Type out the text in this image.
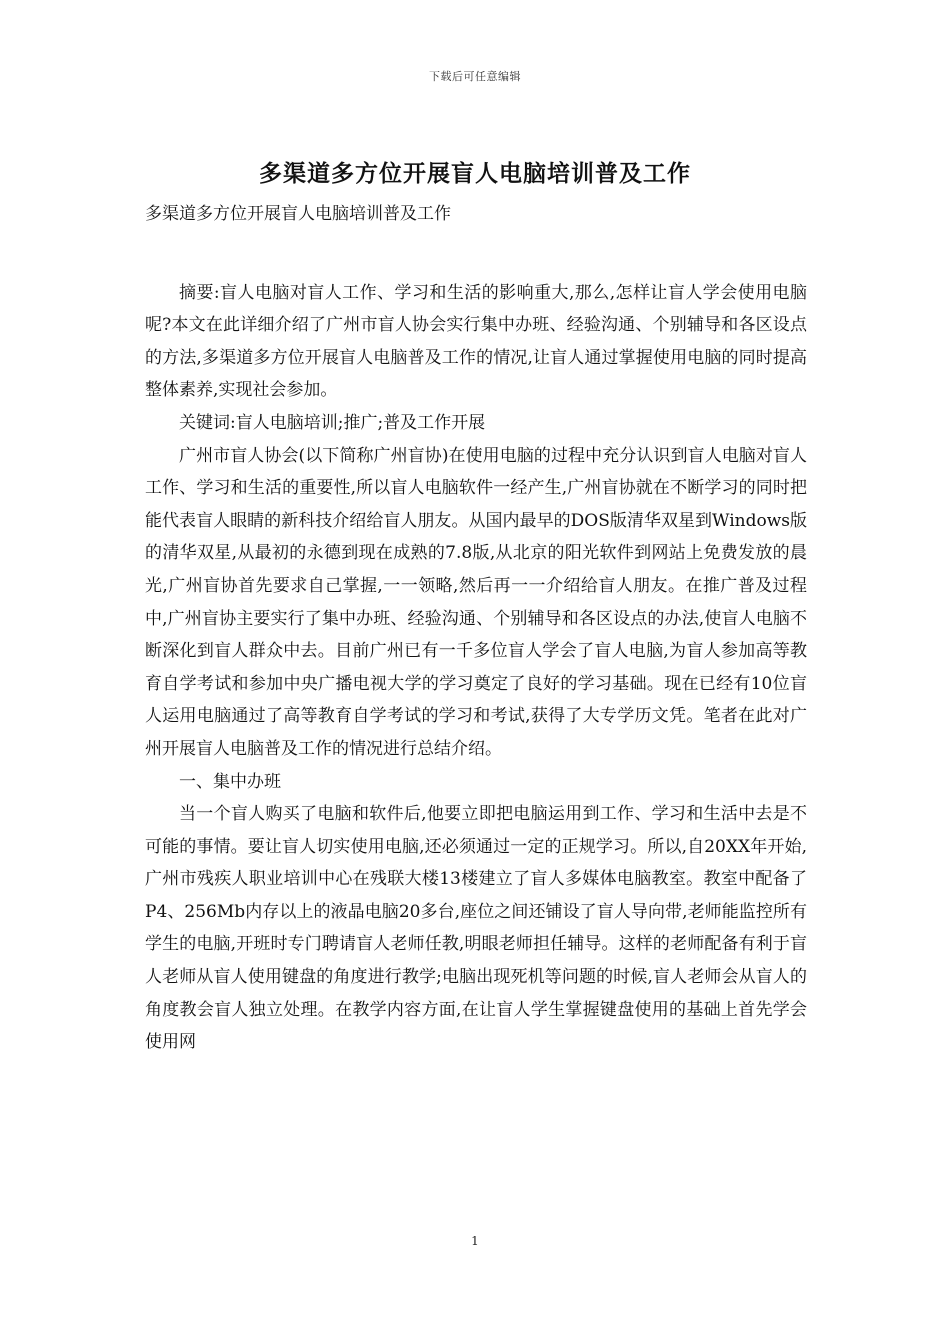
下载后可任意编辑
多渠道多方位开展盲人电脑培训普及工作

多渠道多方位开展盲人电脑培训普及工作

摘要:盲人电脑对盲人工作、学习和生活的影响重大,那么,怎样让盲人学会使用电脑呢?本文在此详细介绍了广州市盲人协会实行集中办班、经验沟通、个别辅导和各区设点的方法,多渠道多方位开展盲人电脑普及工作的情况,让盲人通过掌握使用电脑的同时提高整体素养,实现社会参加。

关键词:盲人电脑培训;推广;普及工作开展

广州市盲人协会(以下简称广州盲协)在使用电脑的过程中充分认识到盲人电脑对盲人工作、学习和生活的重要性,所以盲人电脑软件一经产生,广州盲协就在不断学习的同时把能代表盲人眼睛的新科技介绍给盲人朋友。从国内最早的DOS版清华双星到Windows版的清华双星,从最初的永德到现在成熟的7.8版,从北京的阳光软件到网站上免费发放的晨光,广州盲协首先要求自己掌握,一一领略,然后再一一介绍给盲人朋友。在推广普及过程中,广州盲协主要实行了集中办班、经验沟通、个别辅导和各区设点的办法,使盲人电脑不断深化到盲人群众中去。目前广州已有一千多位盲人学会了盲人电脑,为盲人参加高等教育自学考试和参加中央广播电视大学的学习奠定了良好的学习基础。现在已经有10位盲人运用电脑通过了高等教育自学考试的学习和考试,获得了大专学历文凭。笔者在此对广州开展盲人电脑普及工作的情况进行总结介绍。

一、集中办班

当一个盲人购买了电脑和软件后,他要立即把电脑运用到工作、学习和生活中去是不可能的事情。要让盲人切实使用电脑,还必须通过一定的正规学习。所以,自20XX年开始,广州市残疾人职业培训中心在残联大楼13楼建立了盲人多媒体电脑教室。教室中配备了P4、256Mb内存以上的液晶电脑20多台,座位之间还铺设了盲人导向带,老师能监控所有学生的电脑,开班时专门聘请盲人老师任教,明眼老师担任辅导。这样的老师配备有利于盲人老师从盲人使用键盘的角度进行教学;电脑出现死机等问题的时候,盲人老师会从盲人的角度教会盲人独立处理。在教学内容方面,在让盲人学生掌握键盘使用的基础上首先学会使用网

1
